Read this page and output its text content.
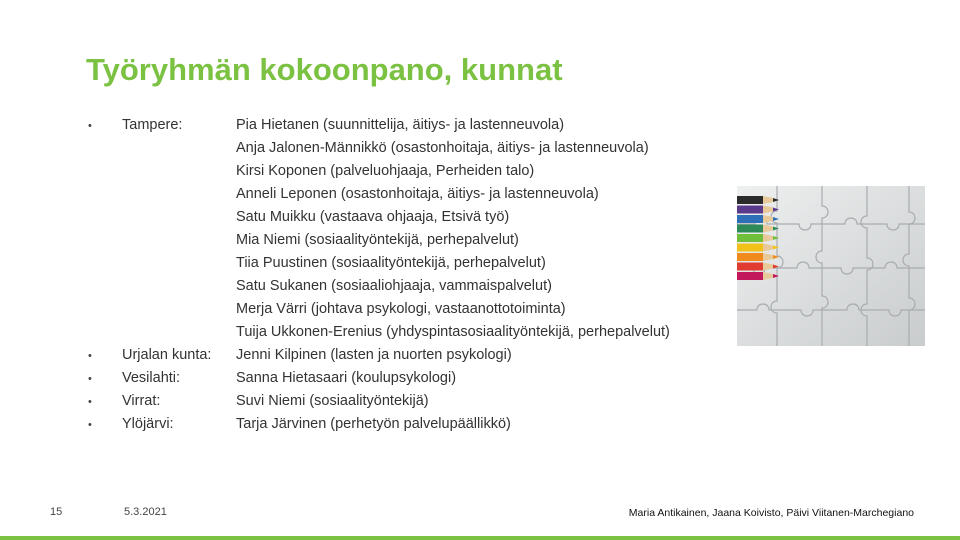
Työryhmän kokoonpano, kunnat
• Tampere:	Pia Hietanen (suunnittelija, äitiys- ja lastenneuvola)
Anja Jalonen-Männikkö (osastonhoitaja, äitiys- ja lastenneuvola)
Kirsi Koponen (palveluohjaaja, Perheiden talo)
Anneli Leponen (osastonhoitaja, äitiys- ja lastenneuvola)
Satu Muikku (vastaava ohjaaja, Etsivä työ)
Mia Niemi (sosiaalityöntekijä, perhepalvelut)
Tiia Puustinen (sosiaalityöntekijä, perhepalvelut)
Satu Sukanen (sosiaaliohjaaja, vammaispalvelut)
Merja Värri (johtava psykologi, vastaanottotoiminta)
Tuija Ukkonen-Erenius (yhdyspintasosiaalityöntekijä, perhepalvelut)
• Urjalan kunta: Jenni Kilpinen (lasten ja nuorten psykologi)
• Vesilahti:	Sanna Hietasaari (koulupsykologi)
• Virrat:	Suvi Niemi (sosiaalityöntekijä)
• Ylöjärvi:	Tarja Järvinen (perhetyön palvelupäällikkö)
15	5.3.2021	Maria Antikainen, Jaana Koivisto, Päivi Viitanen-Marchegiano
